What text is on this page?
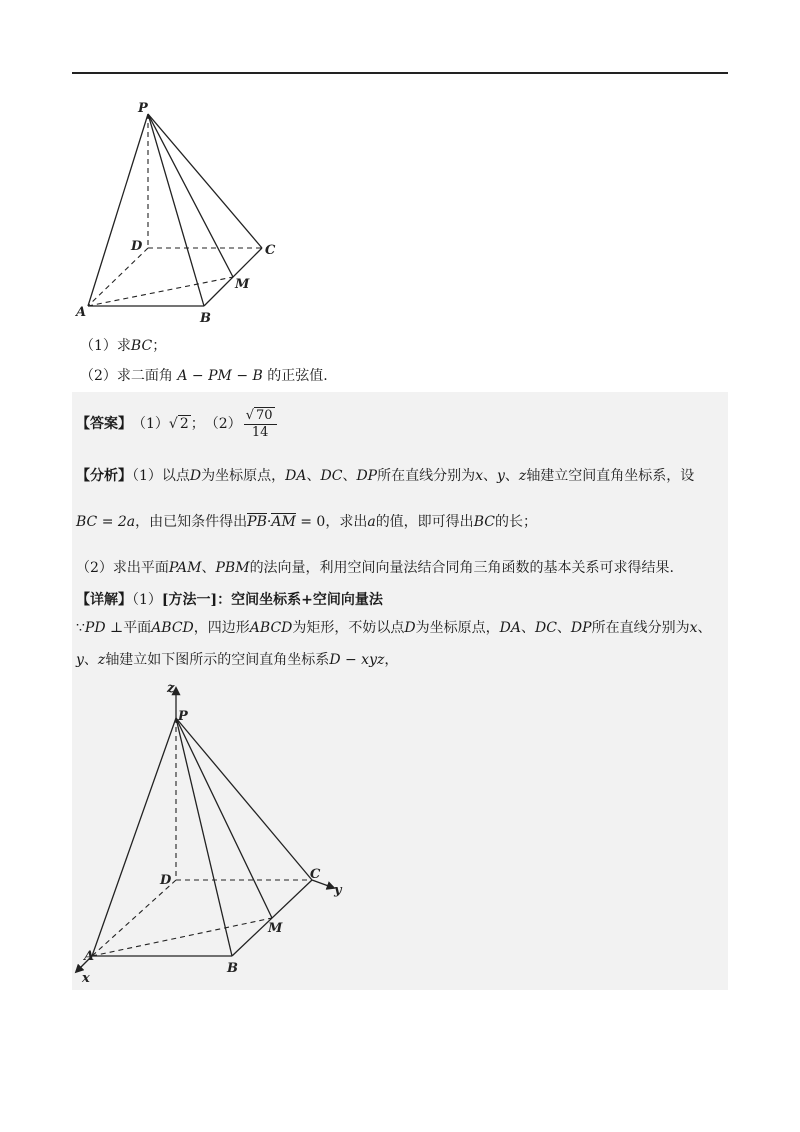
P
D	C
M
A	B
（1）求BC；
（2）求二面角 A − PM − B 的正弦值.
【答案】 （1） √ 2 ； $(2) \frac{√ 70}{14}$
【分析】（1）以点D为坐标原点，DA、DC、DP所在直线分别为x、y、z轴建立空间直角坐标系，设
BC = 2a，由已知条件得出PB·AM = 0，求出a的值，即可得出BC的长；
（2）求出平面PAM、PBM的法向量，利用空间向量法结合同角三角函数的基本关系可求得结果.
【详解】（1）[方法一]：空间坐标系+空间向量法
∵PD ⊥平面ABCD，四边形ABCD为矩形，不妨以点D为坐标原点，DA、DC、DP所在直线分别为x、
y、z轴建立如下图所示的空间直角坐标系D − xyz，
z
P
D	C
y
M
A
B
x
